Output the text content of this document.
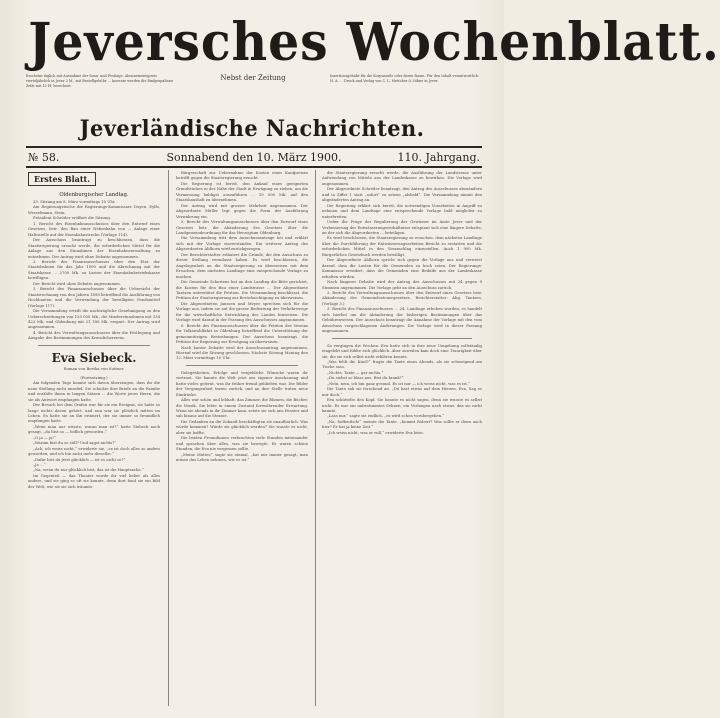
Jeversches Wochenblatt.
Erscheint täglich mit Ausnahme der Sonn- und Festtage. Abonnementspreis vierteljährlich in Jever 2 M., mit Bestellgebühr ... Inserate werden die fünfgespaltene Zeile mit 15 Pf. berechnet.
Nebst der Zeitung	Insertionsgebühr für die Korpuszeile oder deren Raum. Für den Inhalt verantwortlich: H. A. ... Druck und Verlag von C. L. Mettcker & Söhne in Jever.
Jeverländische Nachrichten.
Sonnabend den 10. März 1900.
№ 58.	110. Jahrgang.
Erstes Blatt.
Oldenburgischer Landtag.

25. Sitzung am 8. März vormittags 10 Uhr.

Am Regierungstische die Regierungs-Kommissare Doyen, Eylfs, Wesselmann, Stein.

Präsident Schröder eröffnet die Sitzung.

1. Bericht des Eisenbahnausschusses über den Entwurf eines Gesetzes, betr. den Bau einer Nebenbahn von ... Anlage einer Haltestelle auf der Eisenbahnstrecke (Vorlage 114).

Der Ausschuss beantragt zu beschliessen, dass die Staatsregierung ersucht werde, die erforderlichen Mittel für die Anlage aus den Einnahmen der Eisenbahnverwaltung zu entnehmen. Der Antrag wird ohne Debatte angenommen.

2. Bericht des Finanzausschusses über den Etat der Staatsbahnen für das Jahr 1900 und die Abrechnung mit der Staatskasse ... 2700 Mk. zu Lasten der Eisenbahnbetriebskasse bewilligen.

Der Bericht wird ohne Debatte angenommen.

3. Bericht des Finanzausschusses über die Uebersicht der Staatsrechnung von den Jahren 1898 betreffend die Ausführung von Hochbauten und die Verwendung der bewilligten Fondsmittel (Vorlage 117).

Die Versammlung erteilt die nachträgliche Genehmigung zu den Ueberschreitungen von 155 000 Mk., die Mindereinnahmen mit 334 422 Mk. und Oldenburg mit 21 188 Mk. erspart. Der Antrag wird angenommen.

4. Bericht des Verwaltungsausschusses über die Festlegung und Ausgabe der Bestimmungen des Kreisdichereiens.

Eva Siebeck.
Roman von Bertha von Suttner.

(Fortsetzung.)

Am folgenden Tage konnte sich davon überzeugen, dass ihr die neue Stellung nicht missfiel. Sie schickte ihre Briefe an die Familie und erzählte ihnen in langen Sätzen ... die Worte jenes Herrn, die sie als Antwort empfangen hatte.

Der Besuch bei dem Grafen war für sie ein Ereignis, sie hatte so lange nichts davon gehört, und nun war sie plötzlich mitten im Leben. Es hatte sie an ihn erinnert, der sie immer so freundlich empfangen hatte.

„Wenn man nur wüsste, woran man ist?“ hatte Siebeck noch gesagt, „du bist so — höflich geworden.“

„O ja — ja!“

„Warum bist du so still? Und sagst nichts?“

„Ach, ich weiss nicht,“ erwiderte sie, „es ist doch alles so anders geworden, und ich bin nicht mehr dieselbe.“

„Dafür bist du jetzt glücklich — ist es nicht so?“

„Ja ...“

„Na, wenn du nur glücklich bist, das ist die Hauptsache.“

Im Gegenteil — das Theater wurde ihr viel lieber als alles andere, und sie ging so oft sie konnte, denn dort fand sie ein Bild der Welt, wie sie sie sich träumte.

Bürgerschaft zur Uebernahme der Kosten eines Kaufpreises betrifft gegen die Staatsregierung ersucht.

Die Regierung ist bereit, den Ankauf eines geeigneten Grundstückes in der Nähe der Stadt in Erwägung zu ziehen, um die Vermessung baldigst auszuführen ... 19 000 Mk. auf den Staatshaushalt zu übernehmen.

Der Antrag wird mit grosser Mehrheit angenommen. Der Abgeordnete Müller legt gegen die Form der Ausführung Verwahrung ein.

5. Bericht des Verwaltungsausschusses über den Entwurf eines Gesetzes betr. die Abänderung des Gesetzes über die Landgemeindeordnung für das Herzogtum Oldenburg.

Die Versammlung tritt dem Ausschussantrage bei und erklärt sich mit der Vorlage einverstanden. Ein weiterer Antrag des Abgeordneten Ahlhorn wird zurückgezogen.

Der Berichterstatter erläutert die Gründe, die den Ausschuss zu dieser Stellung veranlasst haben. Es wird beschlossen, die Angelegenheit an die Staatsregierung zu überweisen mit dem Ersuchen, dem nächsten Landtage eine entsprechende Vorlage zu machen.

Die Gemeinde Schortens hat an den Landtag die Bitte gerichtet, die Kosten für den Bau einer Landstrasse ... Der Abgeordnete Tantzen unterstützt die Petition. Die Versammlung beschliesst, die Petition der Staatsregierung zur Berücksichtigung zu überweisen.

Die Abgeordneten Janssen und Meyer sprechen sich für die Vorlage aus, indem sie auf die grosse Bedeutung der Verkehrswege für die wirtschaftliche Entwicklung des Landes hinweisen. Die Vorlage wird darauf in der Fassung des Ausschusses angenommen.

6. Bericht des Finanzausschusses über die Petition des Vereins für Volkswohlfahrt in Oldenburg betreffend die Unterstützung der gemeinnützigen Bestrebungen. Der Ausschuss beantragt, die Petition der Regierung zur Erwägung zu überweisen.

Nach kurzer Debatte wird der Ausschussantrag angenommen. Hierauf wird die Sitzung geschlossen. Nächste Sitzung Montag den 12. März vormittags 10 Uhr.

Gelegenheiten, Erfolge und vergebliche Wünsche waren ihr vertraut. Sie kannte die Welt jetzt aus eigener Anschauung und hatte vieles gelernt, was ihr früher fremd geblieben war. Die Bilder der Vergangenheit traten zurück, und an ihre Stelle traten neue Eindrücke.

Alles war schön und lebhaft, das Zimmer, die Blumen, die Bücher, die Musik. Sie lebte in einem Zustand fortwährender Erwartung. Wenn sie abends in ihr Zimmer kam, setzte sie sich ans Fenster und sah hinaus auf die Strasse.

Die Gedanken an die Zukunft beschäftigten sie unaufhörlich. Was würde kommen? Würde sie glücklich werden? Sie wusste es nicht, aber sie hoffte.

Die beiden Freundinnen verbrachten viele Stunden miteinander und sprachen über alles, was sie bewegte. Es waren schöne Stunden, die Eva nie vergessen sollte.

„Meine Mutter,“ sagte sie einmal, „hat mir immer gesagt, man müsse das Leben nehmen, wie es ist.“

die Staatsregierung ersucht werde, die Ausführung der Landstrasse unter Aufwendung von Mitteln aus der Landeskasse zu bewirken. Die Vorlage wird angenommen.

Der Abgeordnete Schröder beantragt, den Antrag des Ausschusses abzuändern und in Ziffer 1 statt „sofort“ zu setzen „alsbald“. Die Versammlung nimmt den abgeänderten Antrag an.

Die Regierung erklärt sich bereit, die notwendigen Vorarbeiten in Angriff zu nehmen und dem Landtage eine entsprechende Vorlage bald möglichst zu unterbreiten.

Ueber die Frage der Regulierung der Gewässer im Amte Jever und der Verbesserung der Entwässerungsverhältnisse entspinnt sich eine längere Debatte, an der sich die Abgeordneten ... beteiligen.

Es wird beschlossen, die Staatsregierung zu ersuchen, dem nächsten Landtage über die Durchführung der Entwässerungsarbeiten Bericht zu erstatten und die erforderlichen Mittel in den Voranschlag einzustellen. Auch 1 900 Mk. Bürgerliches Gesetzbuch werden bewilligt.

Der Abgeordnete Ahlhorn spricht sich gegen die Vorlage aus und verweist darauf, dass die Lasten für die Gemeinden zu hoch seien. Der Regierungs-Kommissar erwidert, dass die Gemeinden eine Beihilfe aus der Landeskasse erhalten würden.

Nach längerer Debatte wird der Antrag des Ausschusses mit 24 gegen 9 Stimmen angenommen. Die Vorlage geht an den Ausschuss zurück.

2. Bericht des Verwaltungsausschusses über den Entwurf eines Gesetzes betr. Abänderung des Gemeindesteuergesetzes. Berichterstatter: Abg. Tantzen. (Vorlage 3.)

3. Bericht des Finanzausschusses ... 24. Landtage erhoben worden; es handelt sich hierbei um die Abänderung der bisherigen Bestimmungen über das Gebührenwesen. Der Ausschuss beantragt die Annahme der Vorlage mit den vom Ausschuss vorgeschlagenen Änderungen. Die Vorlage wird in dieser Fassung angenommen.

So vergingen die Wochen. Eva hatte sich in ihre neue Umgebung vollständig eingelebt und fühlte sich glücklich. Aber zuweilen kam doch eine Traurigkeit über sie, die sie sich selbst nicht erklären konnte.

„Was fehlt dir, Kind?“ fragte die Tante eines Abends, als sie schweigend am Tische sass.

„Nichts, Tante — gar nichts.“

„Du siehst so blass aus. Bist du krank?“

„Nein, nein, ich bin ganz gesund. Es ist nur — ich weiss nicht, was es ist.“

Die Tante sah sie forschend an. „Du hast etwas auf dem Herzen, Eva. Sag es mir doch.“

Eva schüttelte den Kopf. Sie konnte es nicht sagen, denn sie wusste es selbst nicht. Es war ein unbestimmtes Sehnen, ein Verlangen nach etwas, das sie nicht kannte.

„Lass nur,“ sagte sie endlich, „es wird schon vorübergehen.“

„Na, hoffentlich!“ meinte die Tante. „Kommt Robert? Was sollte er denn auch hier? Er hat ja keine Zeit.“

„Ich weiss nicht, was er will,“ erwiderte Eva leise.
